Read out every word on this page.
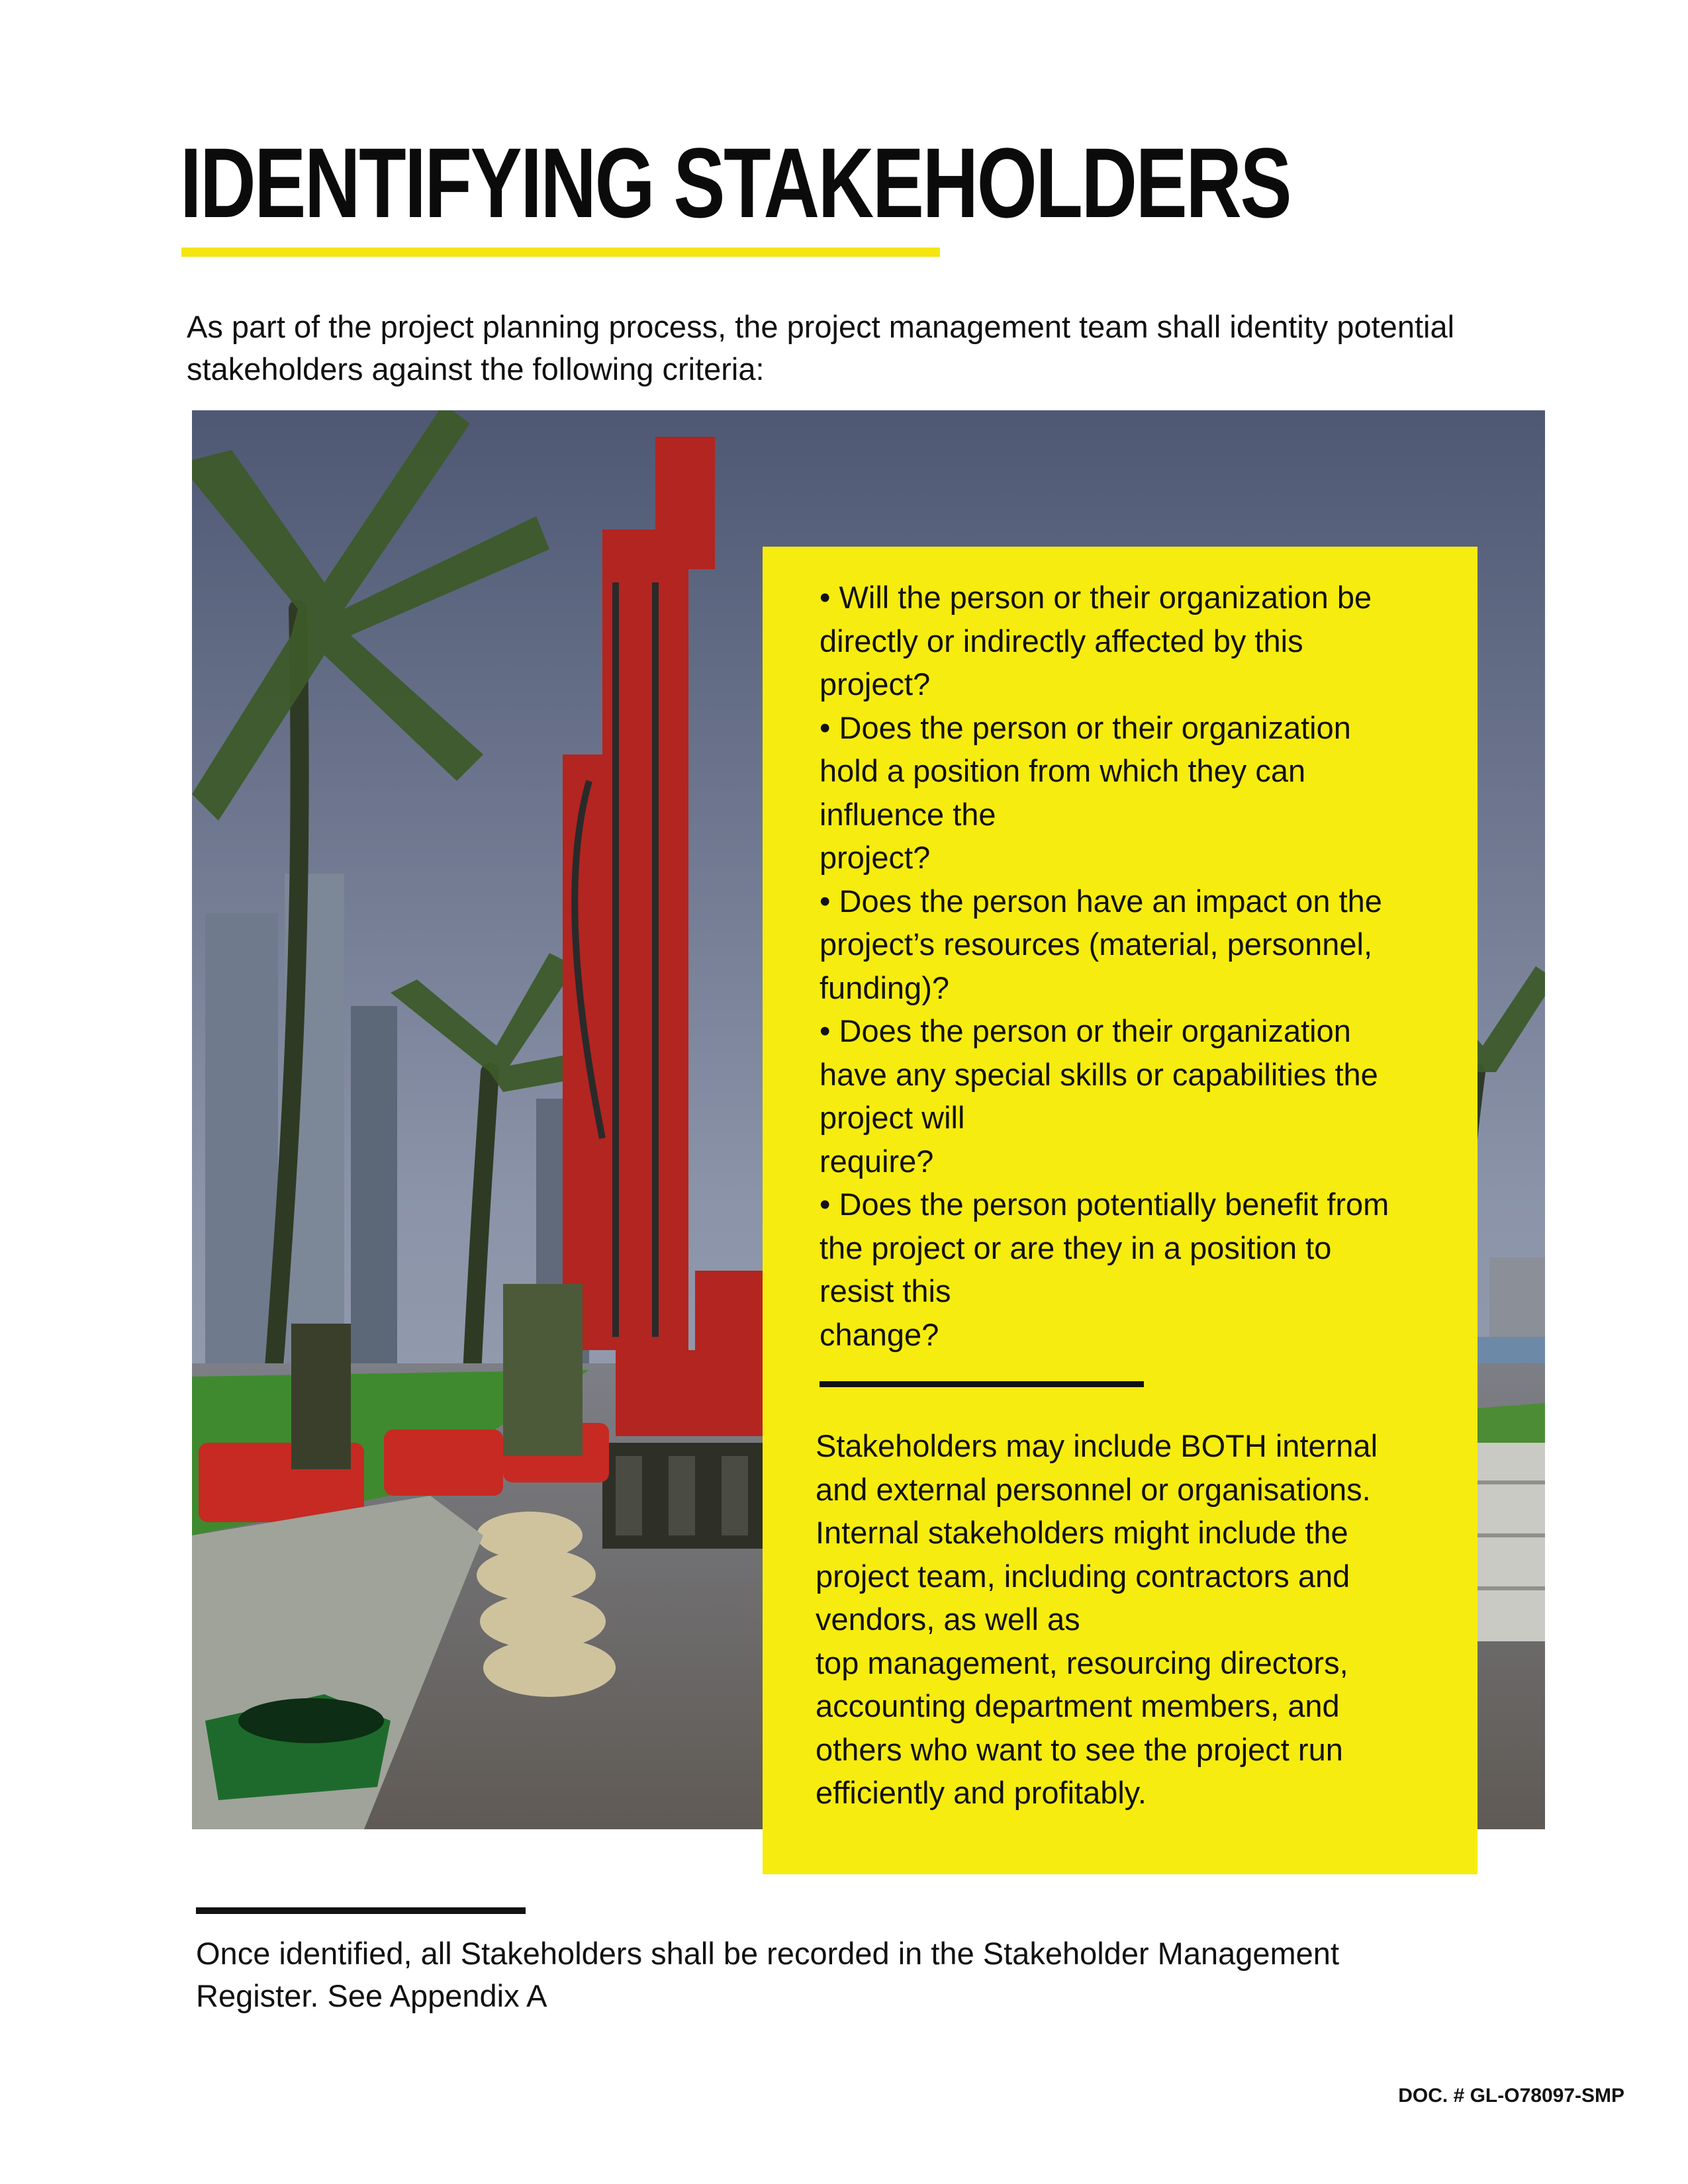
IDENTIFYING STAKEHOLDERS

As part of the project planning process, the project management team shall identity potential
stakeholders against the following criteria:

• Will the person or their organization be
directly or indirectly affected by this
project?
• Does the person or their organization
hold a position from which they can
influence the
project?
• Does the person have an impact on the
project’s resources (material, personnel,
funding)?
• Does the person or their organization
have any special skills or capabilities the
project will
require?
• Does the person potentially benefit from
the project or are they in a position to
resist this
change?

Stakeholders may include BOTH internal
and external personnel or organisations.
Internal stakeholders might include the
project team, including contractors and
vendors, as well as
top management, resourcing directors,
accounting department members, and
others who want to see the project run
efficiently and profitably.

Once identified, all Stakeholders shall be recorded in the Stakeholder Management
Register. See Appendix A

DOC. # GL-O78097-SMP
